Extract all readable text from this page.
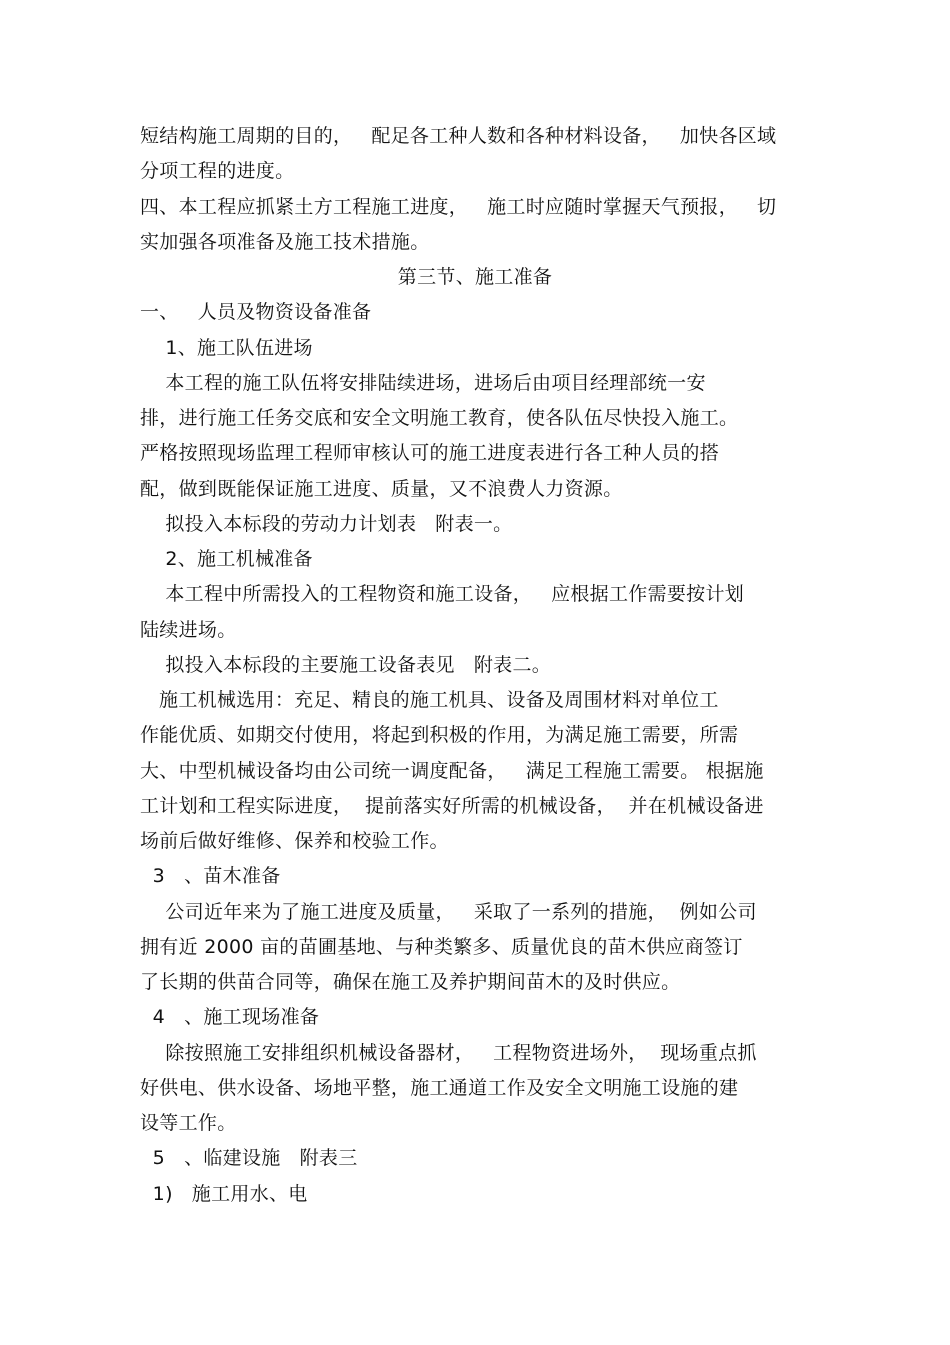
短结构施工周期的目的，   配足各工种人数和各种材料设备，   加快各区域
分项工程的进度。
四、本工程应抓紧土方工程施工进度，   施工时应随时掌握天气预报，   切
实加强各项准备及施工技术措施。
第三节、施工准备
一、   人员及物资设备准备
1、施工队伍进场
本工程的施工队伍将安排陆续进场，进场后由项目经理部统一安
排，进行施工任务交底和安全文明施工教育，使各队伍尽快投入施工。
严格按照现场监理工程师审核认可的施工进度表进行各工种人员的搭
配，做到既能保证施工进度、质量，又不浪费人力资源。
拟投入本标段的劳动力计划表   附表一。
2、施工机械准备
本工程中所需投入的工程物资和施工设备，   应根据工作需要按计划
陆续进场。
拟投入本标段的主要施工设备表见   附表二。
施工机械选用：充足、精良的施工机具、设备及周围材料对单位工
作能优质、如期交付使用，将起到积极的作用，为满足施工需要，所需
大、中型机械设备均由公司统一调度配备，   满足工程施工需要。 根据施
工计划和工程实际进度，  提前落实好所需的机械设备，  并在机械设备进
场前后做好维修、保养和校验工作。
3   、苗木准备
公司近年来为了施工进度及质量，   采取了一系列的措施，  例如公司
拥有近 2000 亩的苗圃基地、与种类繁多、质量优良的苗木供应商签订
了长期的供苗合同等，确保在施工及养护期间苗木的及时供应。
4   、施工现场准备
除按照施工安排组织机械设备器材，   工程物资进场外，  现场重点抓
好供电、供水设备、场地平整，施工通道工作及安全文明施工设施的建
设等工作。
5   、临建设施   附表三
1)   施工用水、电
